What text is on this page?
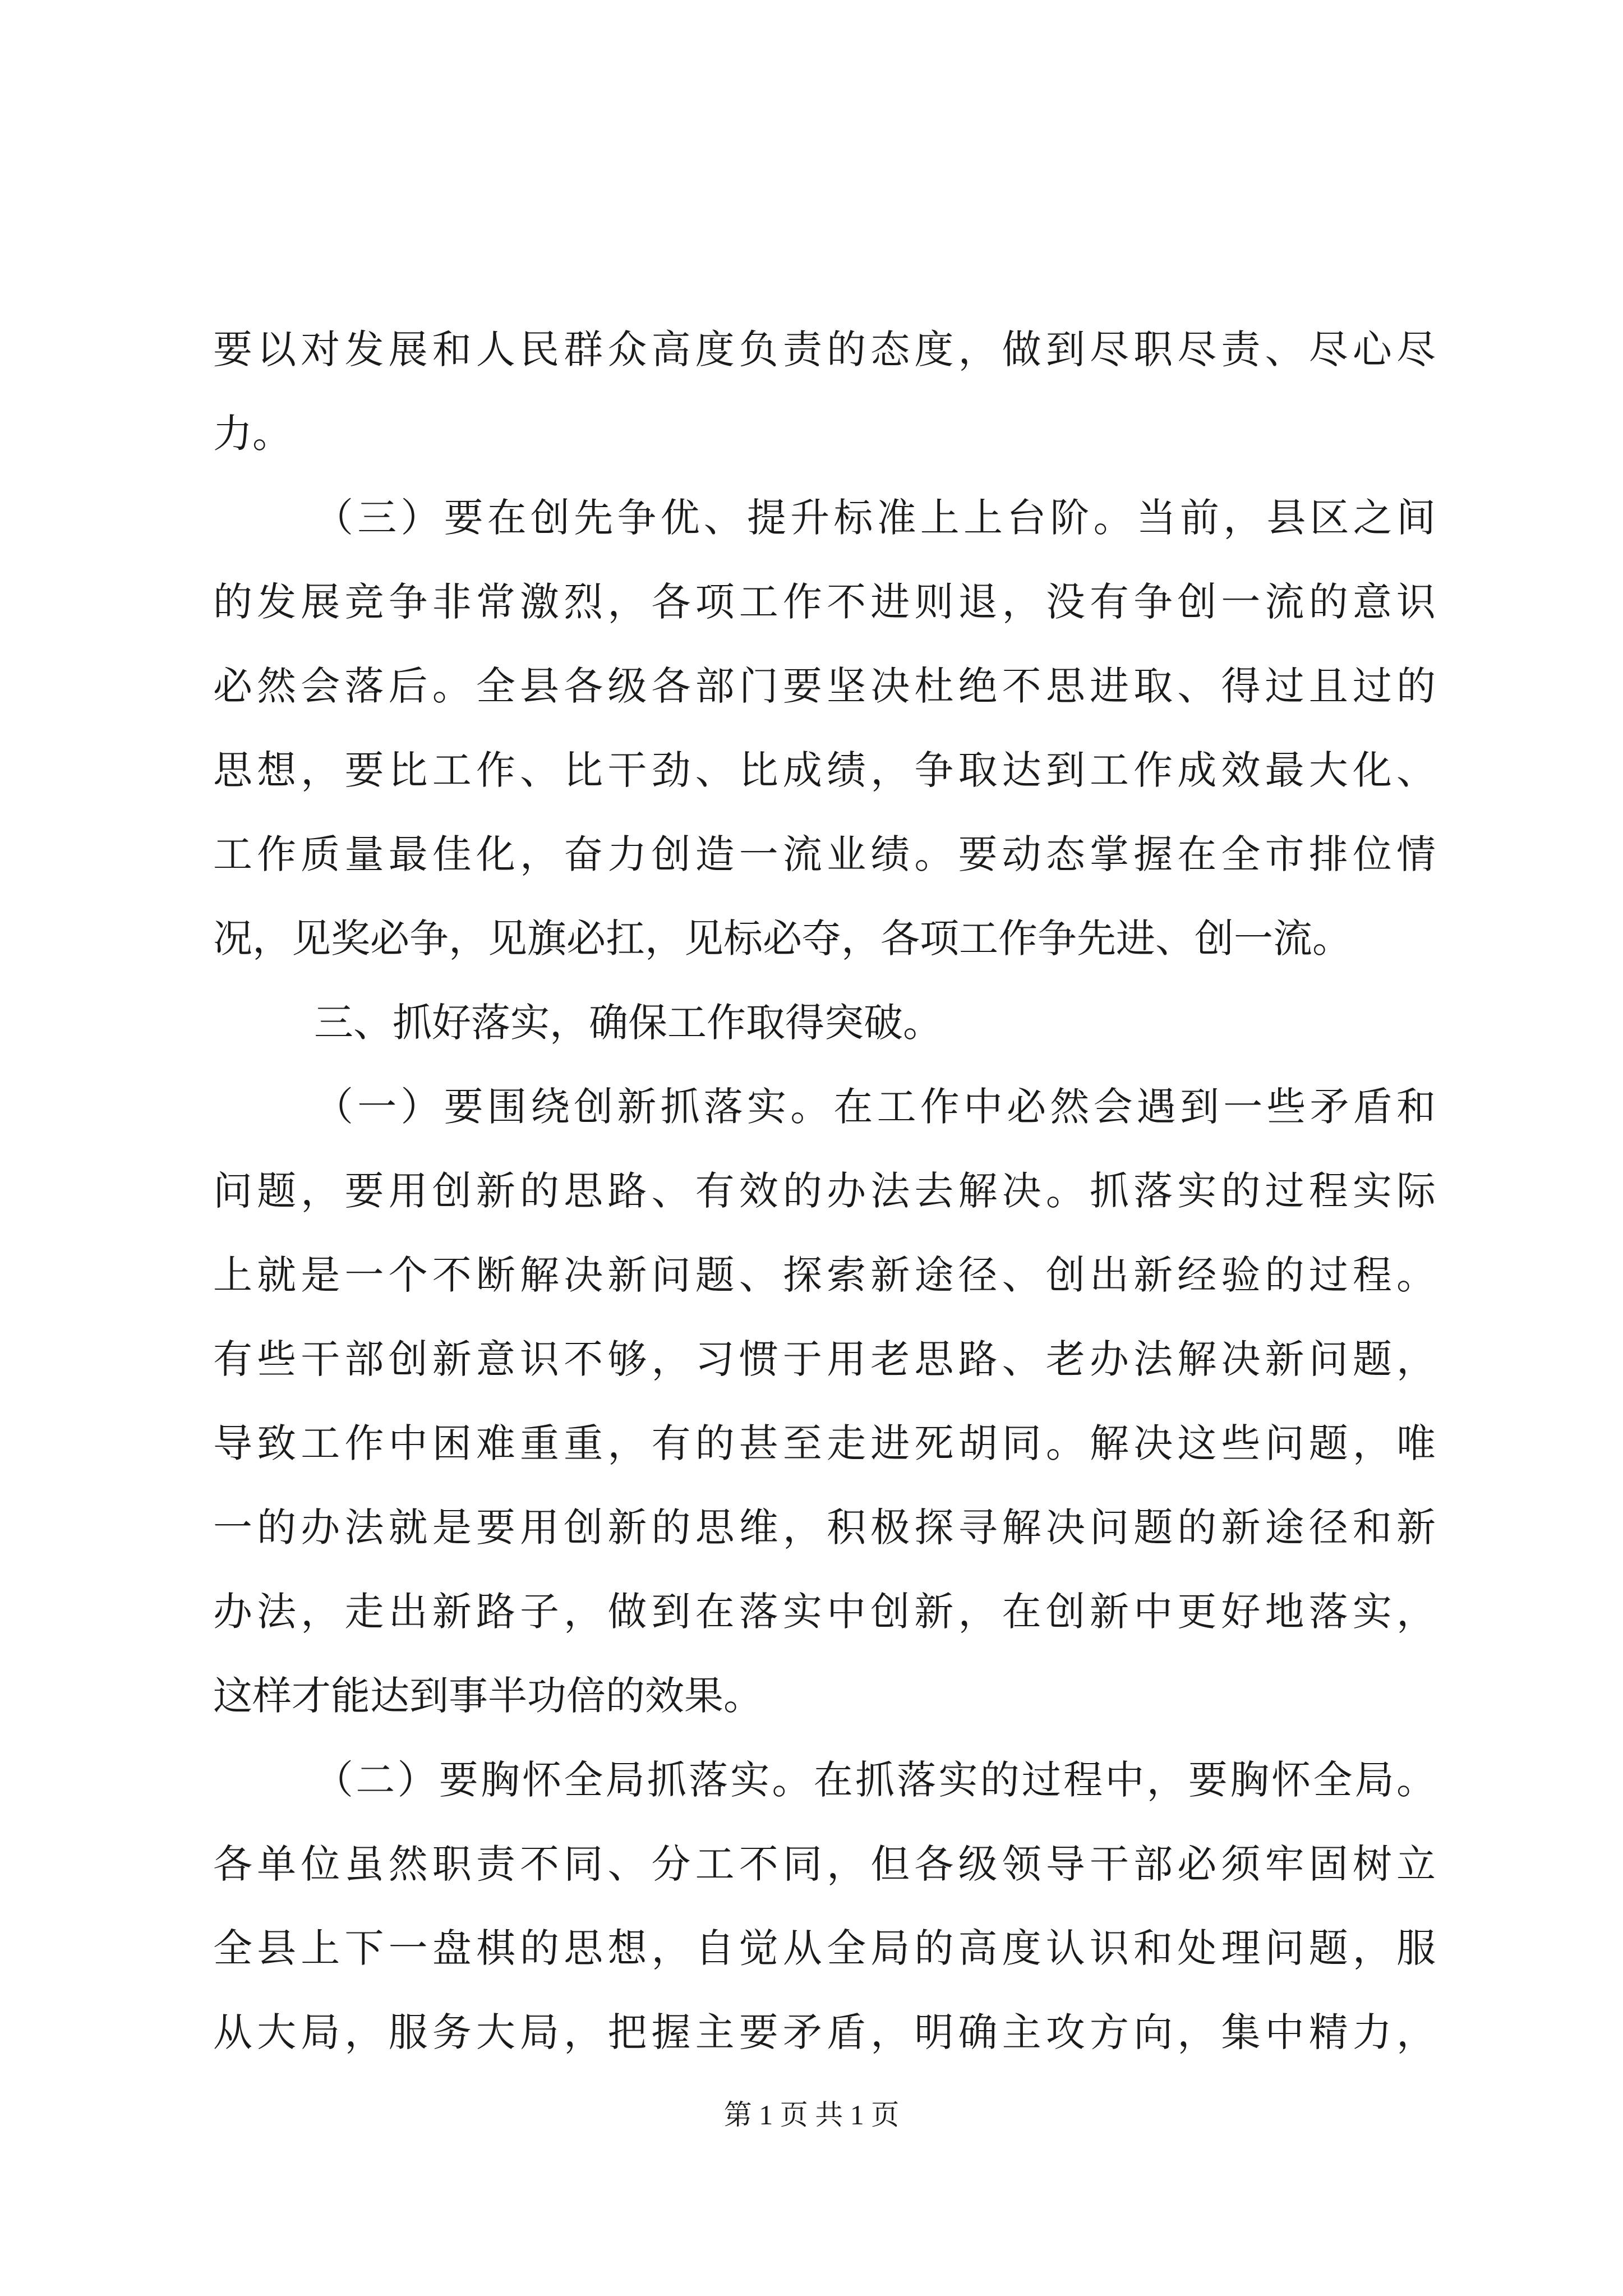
要以对发展和人民群众高度负责的态度，做到尽职尽责、尽心尽
力。
（三）要在创先争优、提升标准上上台阶。当前，县区之间
的发展竞争非常激烈，各项工作不进则退，没有争创一流的意识
必然会落后。全县各级各部门要坚决杜绝不思进取、得过且过的
思想，要比工作、比干劲、比成绩，争取达到工作成效最大化、
工作质量最佳化，奋力创造一流业绩。要动态掌握在全市排位情
况，见奖必争，见旗必扛，见标必夺，各项工作争先进、创一流。
三、抓好落实，确保工作取得突破。
（一）要围绕创新抓落实。在工作中必然会遇到一些矛盾和
问题，要用创新的思路、有效的办法去解决。抓落实的过程实际
上就是一个不断解决新问题、探索新途径、创出新经验的过程。
有些干部创新意识不够，习惯于用老思路、老办法解决新问题，
导致工作中困难重重，有的甚至走进死胡同。解决这些问题，唯
一的办法就是要用创新的思维，积极探寻解决问题的新途径和新
办法，走出新路子，做到在落实中创新，在创新中更好地落实，
这样才能达到事半功倍的效果。
（二）要胸怀全局抓落实。在抓落实的过程中，要胸怀全局。
各单位虽然职责不同、分工不同，但各级领导干部必须牢固树立
全县上下一盘棋的思想，自觉从全局的高度认识和处理问题，服
从大局，服务大局，把握主要矛盾，明确主攻方向，集中精力，
第 1 页 共 1 页
